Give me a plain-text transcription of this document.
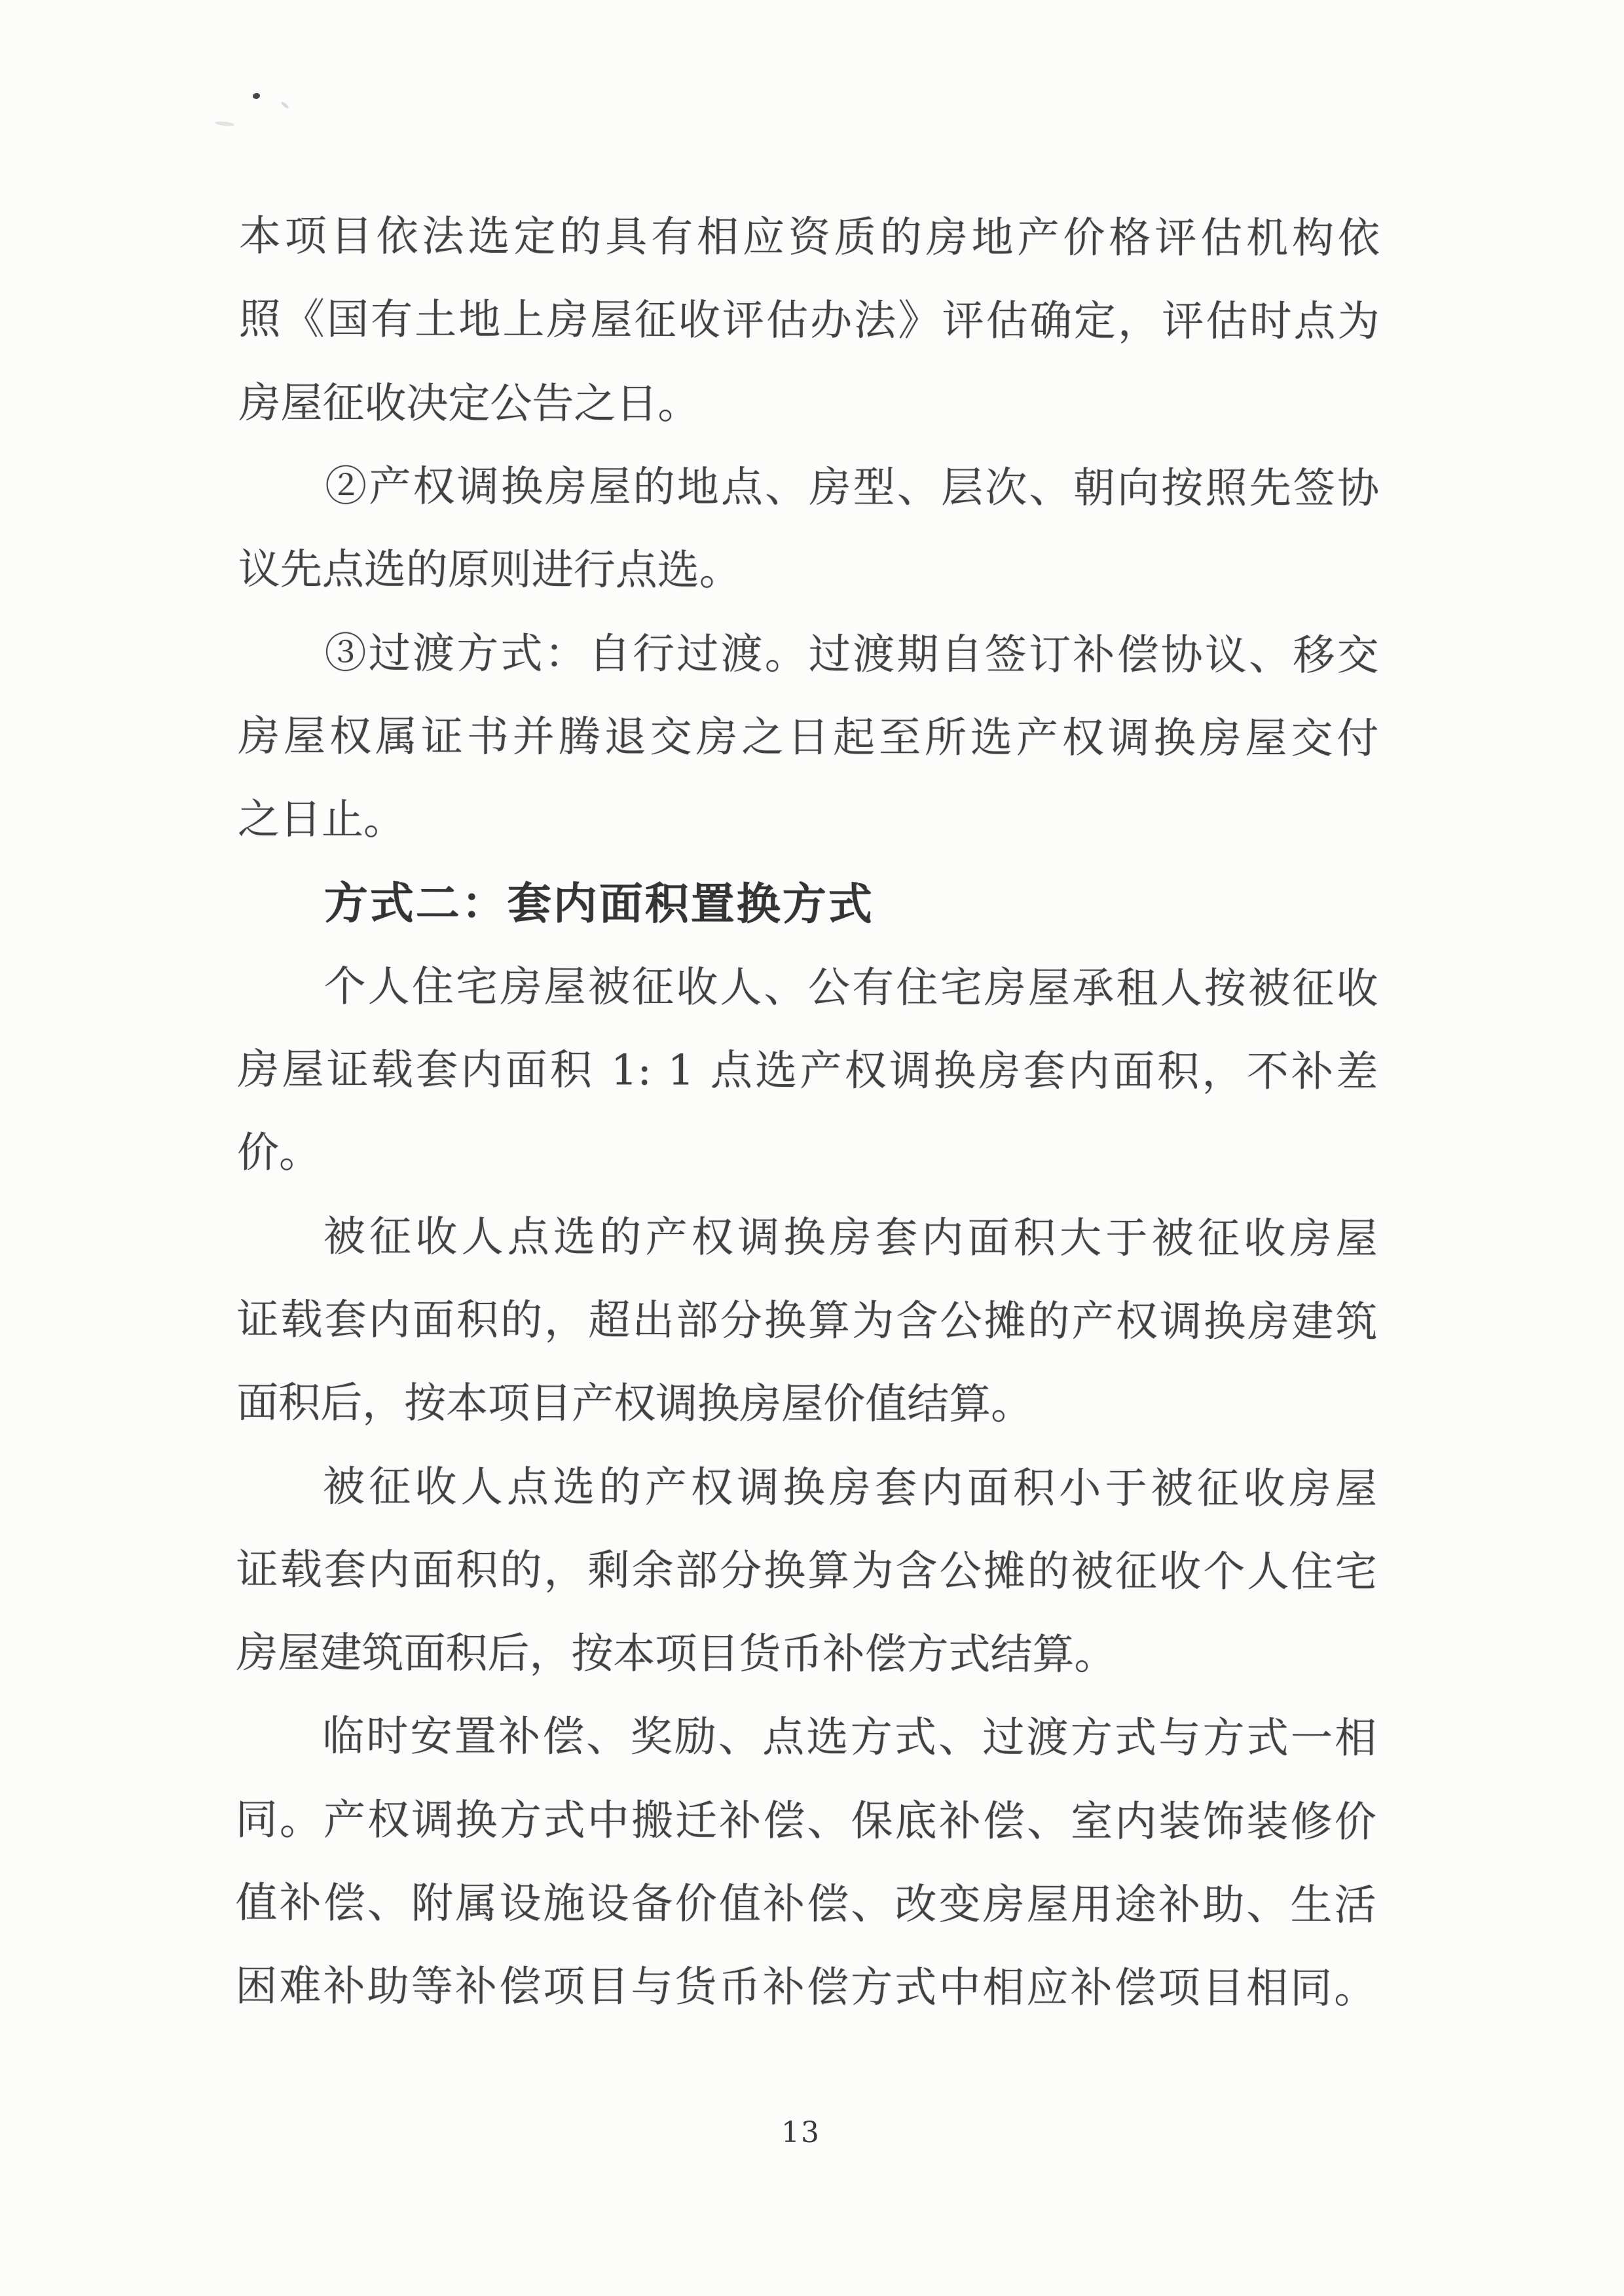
本项目依法选定的具有相应资质的房地产价格评估机构依
照《国有土地上房屋征收评估办法》评估确定，评估时点为
房屋征收决定公告之日。
②产权调换房屋的地点、房型、层次、朝向按照先签协
议先点选的原则进行点选。
③过渡方式：自行过渡。过渡期自签订补偿协议、移交
房屋权属证书并腾退交房之日起至所选产权调换房屋交付
之日止。
方式二：套内面积置换方式
个人住宅房屋被征收人、公有住宅房屋承租人按被征收
房屋证载套内面积 1: 1 点选产权调换房套内面积，不补差
价。
被征收人点选的产权调换房套内面积大于被征收房屋
证载套内面积的，超出部分换算为含公摊的产权调换房建筑
面积后，按本项目产权调换房屋价值结算。
被征收人点选的产权调换房套内面积小于被征收房屋
证载套内面积的，剩余部分换算为含公摊的被征收个人住宅
房屋建筑面积后，按本项目货币补偿方式结算。
临时安置补偿、奖励、点选方式、过渡方式与方式一相
同。产权调换方式中搬迁补偿、保底补偿、室内装饰装修价
值补偿、附属设施设备价值补偿、改变房屋用途补助、生活
困难补助等补偿项目与货币补偿方式中相应补偿项目相同。
13
